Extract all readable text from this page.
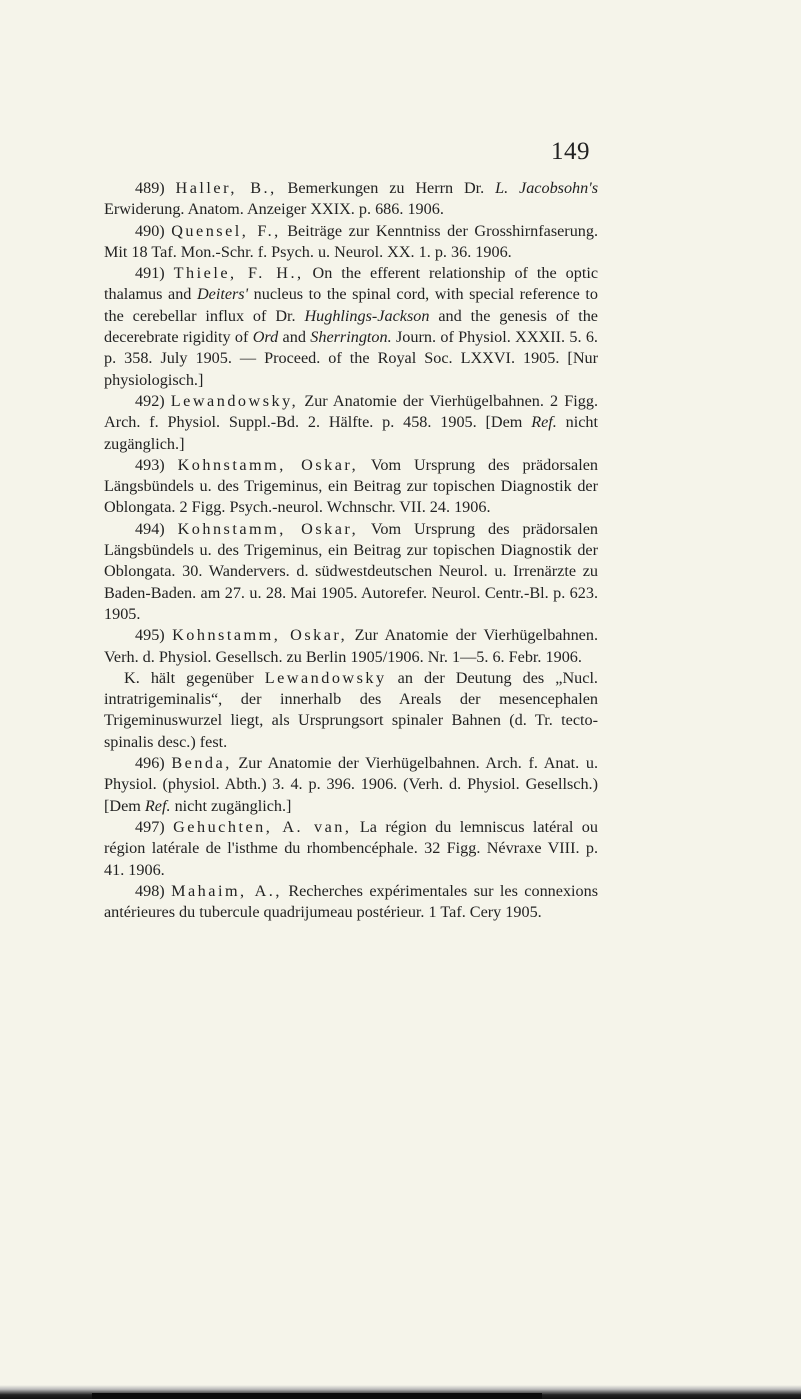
149

489) Haller, B., Bemerkungen zu Herrn Dr. L. Jacobsohn's Erwiderung. Anatom. Anzeiger XXIX. p. 686. 1906.

490) Quensel, F., Beiträge zur Kenntniss der Grosshirnfaserung. Mit 18 Taf. Mon.-Schr. f. Psych. u. Neurol. XX. 1. p. 36. 1906.

491) Thiele, F. H., On the efferent relationship of the optic thalamus and Deiters' nucleus to the spinal cord, with special reference to the cerebellar influx of Dr. Hughlings-Jackson and the genesis of the decerebrate rigidity of Ord and Sherrington. Journ. of Physiol. XXXII. 5. 6. p. 358. July 1905. — Proceed. of the Royal Soc. LXXVI. 1905. [Nur physiologisch.]

492) Lewandowsky, Zur Anatomie der Vierhügelbahnen. 2 Figg. Arch. f. Physiol. Suppl.-Bd. 2. Hälfte. p. 458. 1905. [Dem Ref. nicht zugänglich.]

493) Kohnstamm, Oskar, Vom Ursprung des prädorsalen Längsbündels u. des Trigeminus, ein Beitrag zur topischen Diagnostik der Oblongata. 2 Figg. Psych.-neurol. Wchnschr. VII. 24. 1906.

494) Kohnstamm, Oskar, Vom Ursprung des prädorsalen Längsbündels u. des Trigeminus, ein Beitrag zur topischen Diagnostik der Oblongata. 30. Wandervers. d. südwestdeutschen Neurol. u. Irrenärzte zu Baden-Baden. am 27. u. 28. Mai 1905. Autorefer. Neurol. Centr.-Bl. p. 623. 1905.

495) Kohnstamm, Oskar, Zur Anatomie der Vierhügelbahnen. Verh. d. Physiol. Gesellsch. zu Berlin 1905/1906. Nr. 1—5. 6. Febr. 1906.

K. hält gegenüber Lewandowsky an der Deutung des „Nucl. intratrigeminalis“, der innerhalb des Areals der mesencephalen Trigeminuswurzel liegt, als Ursprungsort spinaler Bahnen (d. Tr. tecto-spinalis desc.) fest.

496) Benda, Zur Anatomie der Vierhügelbahnen. Arch. f. Anat. u. Physiol. (physiol. Abth.) 3. 4. p. 396. 1906. (Verh. d. Physiol. Gesellsch.) [Dem Ref. nicht zugänglich.]

497) Gehuchten, A. van, La région du lemniscus latéral ou région latérale de l'isthme du rhombencéphale. 32 Figg. Névraxe VIII. p. 41. 1906.

498) Mahaim, A., Recherches expérimentales sur les connexions antérieures du tubercule quadrijumeau postérieur. 1 Taf. Cery 1905.
